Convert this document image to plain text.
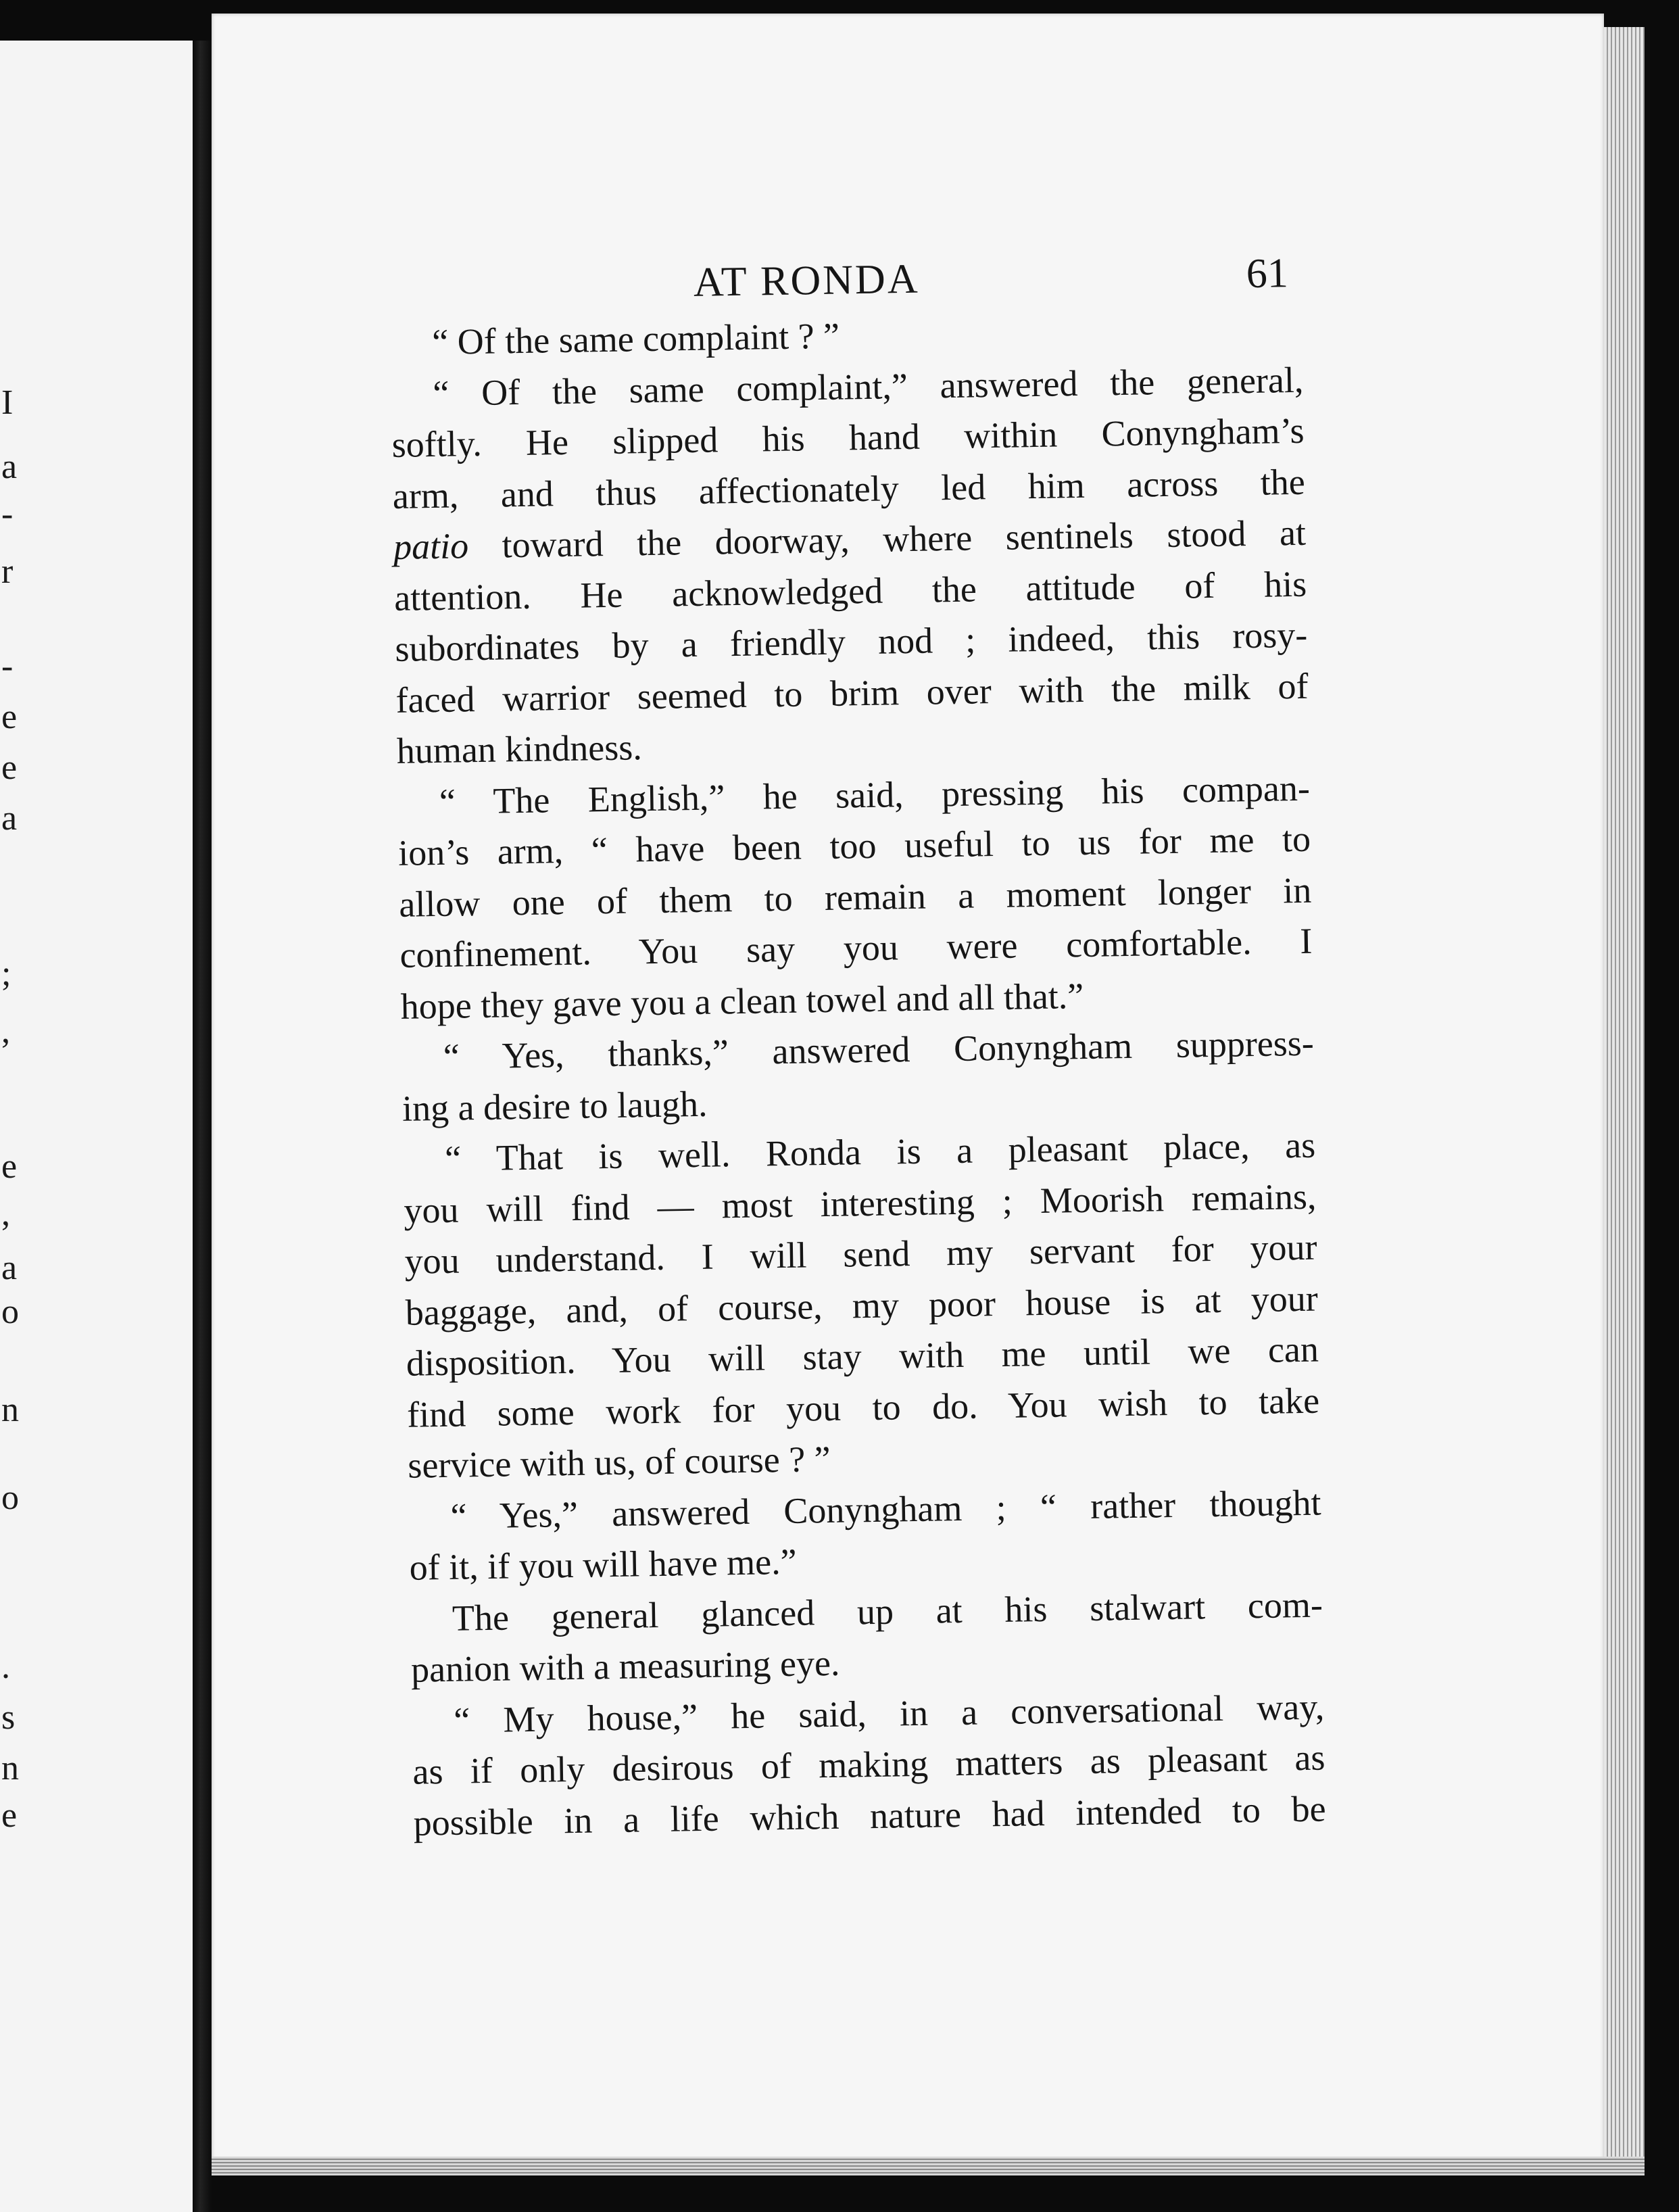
I
a
-
r
-
e
e
a
;
,
e
,
a
o
n
o
.
s
n
e
AT RONDA	61
“ Of the same complaint ? ”
“ Of the same complaint,” answered the general,
softly. He slipped his hand within Conyngham’s
arm, and thus affectionately led him across the
patio toward the doorway, where sentinels stood at
attention. He acknowledged the attitude of his
subordinates by a friendly nod ; indeed, this rosy-
faced warrior seemed to brim over with the milk of
human kindness.
“ The English,” he said, pressing his compan-
ion’s arm, “ have been too useful to us for me to
allow one of them to remain a moment longer in
confinement. You say you were comfortable. I
hope they gave you a clean towel and all that.”
“ Yes, thanks,” answered Conyngham suppress-
ing a desire to laugh.
“ That is well. Ronda is a pleasant place, as
you will find — most interesting ; Moorish remains,
you understand. I will send my servant for your
baggage, and, of course, my poor house is at your
disposition. You will stay with me until we can
find some work for you to do. You wish to take
service with us, of course ? ”
“ Yes,” answered Conyngham ; “ rather thought
of it, if you will have me.”
The general glanced up at his stalwart com-
panion with a measuring eye.
“ My house,” he said, in a conversational way,
as if only desirous of making matters as pleasant as
possible in a life which nature had intended to be
